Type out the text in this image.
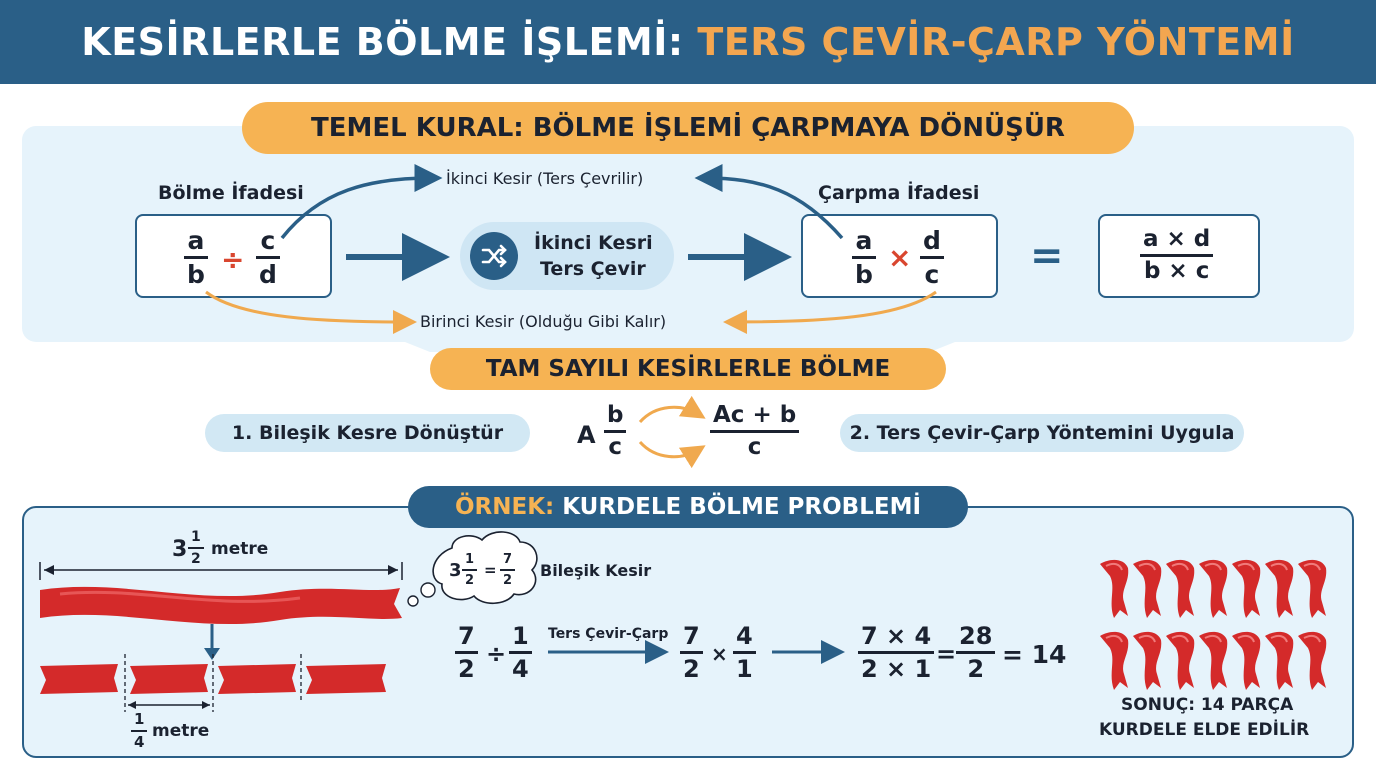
KESİRLERLE BÖLME İŞLEMİ: TERS ÇEVİR-ÇARP YÖNTEMİ
TEMEL KURAL: BÖLME İŞLEMİ ÇARPMAYA DÖNÜŞÜR
Bölme İfadesi	Çarpma İfadesi
İkinci Kesir (Ters Çevrilir)
Birinci Kesir (Olduğu Gibi Kalır)
a
b ÷
c
d
İkinci Kesri
Ters Çevir
a
b ×
d
c =	a × d
b × c
TAM SAYILI KESİRLERLE BÖLME
1. Bileşik Kesre Dönüştür	2. Ters Çevir-Çarp Yöntemini Uygula
A
b
c
Ac + b
c
ÖRNEK: KURDELE BÖLME PROBLEMİ
3 1
2 metre
1
4
metre
3
1
2
=
7
2
Bileşik Kesir
7
2
÷
1
4
Ters Çevir-Çarp 7
2
×
4
1
7 × 4
2 × 1
=
28
2 = 14
SONUÇ: 14 PARÇA
KURDELE ELDE EDİLİR
